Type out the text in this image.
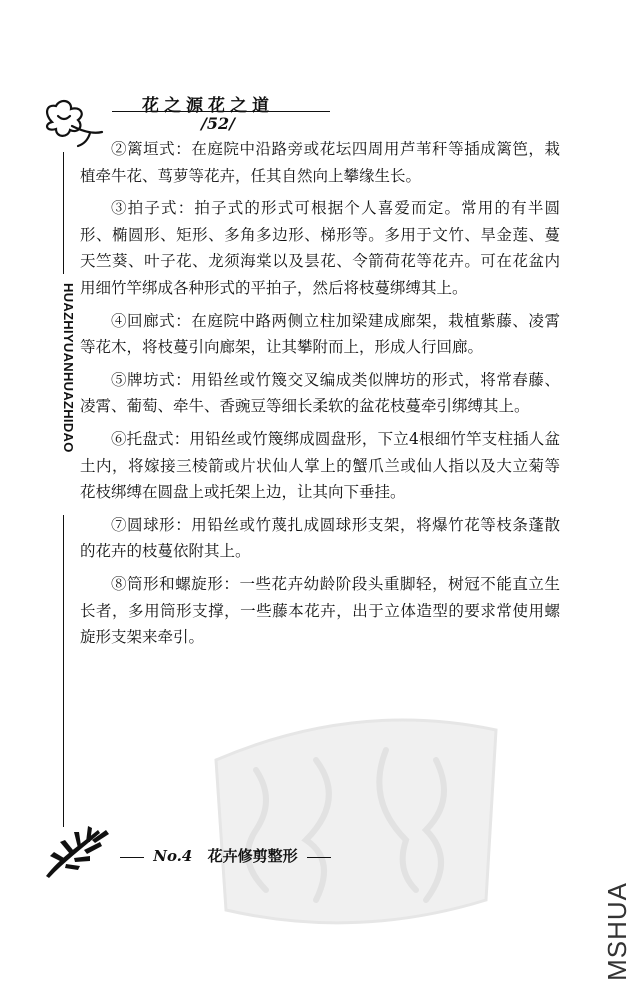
花之源花之道
/52/
HUAZHIYUANHUAZHIDAO

②篱垣式：在庭院中沿路旁或花坛四周用芦苇秆等插成篱笆，栽植牵牛花、茑萝等花卉，任其自然向上攀缘生长。

③拍子式：拍子式的形式可根据个人喜爱而定。常用的有半圆形、椭圆形、矩形、多角多边形、梯形等。多用于文竹、旱金莲、蔓天竺葵、叶子花、龙须海棠以及昙花、令箭荷花等花卉。可在花盆内用细竹竿绑成各种形式的平拍子，然后将枝蔓绑缚其上。

④回廊式：在庭院中路两侧立柱加梁建成廊架，栽植紫藤、凌霄等花木，将枝蔓引向廊架，让其攀附而上，形成人行回廊。

⑤牌坊式：用铅丝或竹篾交叉编成类似牌坊的形式，将常春藤、凌霄、葡萄、牵牛、香豌豆等细长柔软的盆花枝蔓牵引绑缚其上。

⑥托盘式：用铅丝或竹篾绑成圆盘形，下立4根细竹竿支柱插人盆土内，将嫁接三棱箭或片状仙人掌上的蟹爪兰或仙人指以及大立菊等花枝绑缚在圆盘上或托架上边，让其向下垂挂。

⑦圆球形：用铅丝或竹蔑扎成圆球形支架，将爆竹花等枝条蓬散的花卉的枝蔓依附其上。

⑧筒形和螺旋形：一些花卉幼龄阶段头重脚轻，树冠不能直立生长者，多用筒形支撑，一些藤本花卉，出于立体造型的要求常使用螺旋形支架来牵引。

No.4 花卉修剪整形
MSHUA
